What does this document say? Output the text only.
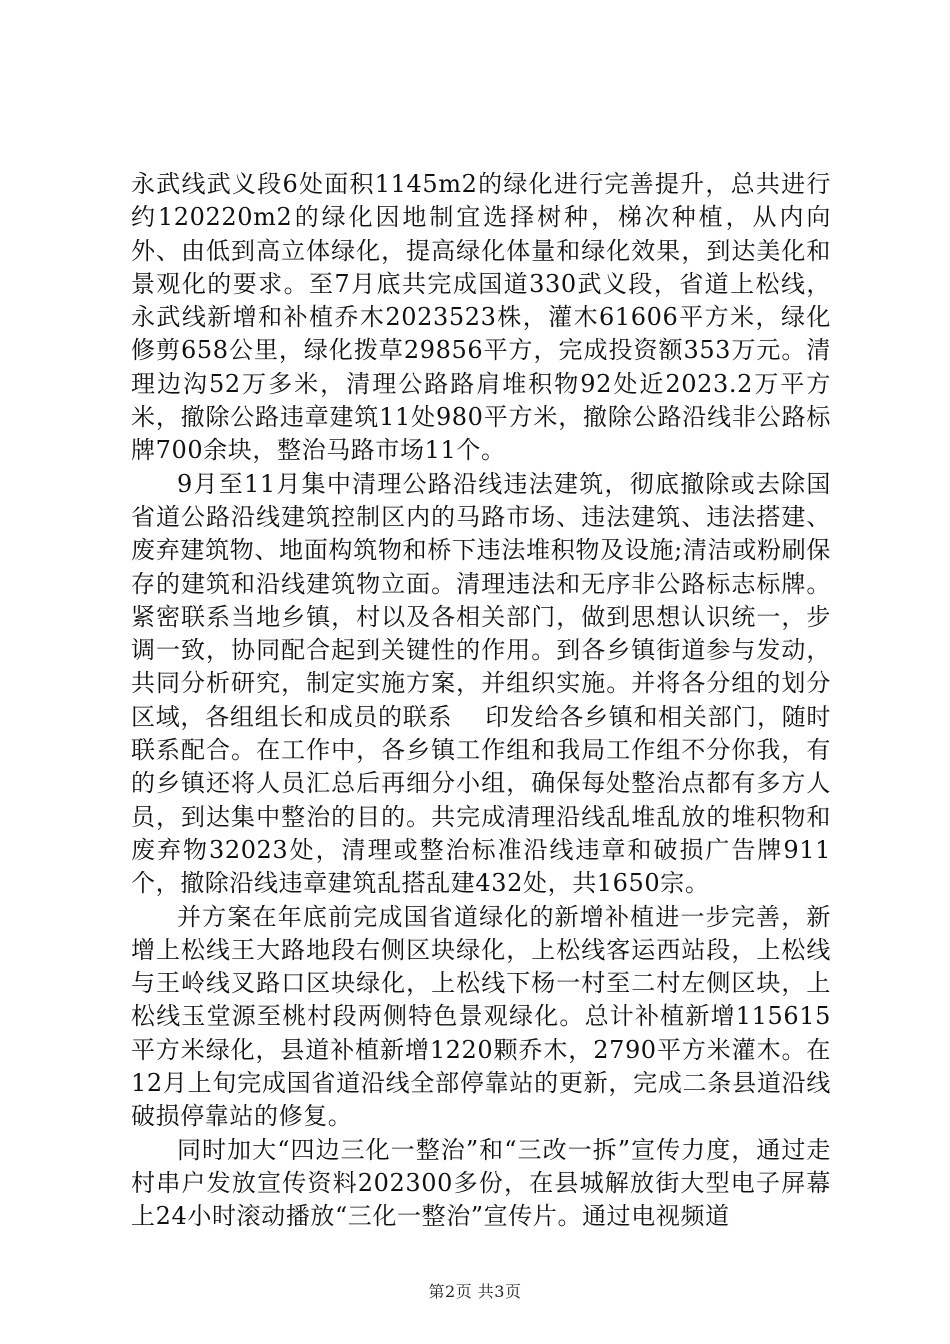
永武线武义段6处面积1145m2的绿化进行完善提升，总共进行约120220m2的绿化因地制宜选择树种，梯次种植，从内向外、由低到高立体绿化，提高绿化体量和绿化效果，到达美化和景观化的要求。至7月底共完成国道330武义段，省道上松线，永武线新增和补植乔木2023523株，灌木61606平方米，绿化修剪658公里，绿化拨草29856平方，完成投资额353万元。清理边沟52万多米，清理公路路肩堆积物92处近2023.2万平方米，撤除公路违章建筑11处980平方米，撤除公路沿线非公路标牌700余块，整治马路市场11个。

9月至11月集中清理公路沿线违法建筑，彻底撤除或去除国省道公路沿线建筑控制区内的马路市场、违法建筑、违法搭建、废弃建筑物、地面构筑物和桥下违法堆积物及设施;清洁或粉刷保存的建筑和沿线建筑物立面。清理违法和无序非公路标志标牌。紧密联系当地乡镇，村以及各相关部门，做到思想认识统一，步调一致，协同配合起到关键性的作用。到各乡镇街道参与发动，共同分析研究，制定实施方案，并组织实施。并将各分组的划分区域，各组组长和成员的联系　 印发给各乡镇和相关部门，随时联系配合。在工作中，各乡镇工作组和我局工作组不分你我，有的乡镇还将人员汇总后再细分小组，确保每处整治点都有多方人员，到达集中整治的目的。共完成清理沿线乱堆乱放的堆积物和废弃物32023处，清理或整治标准沿线违章和破损广告牌911个，撤除沿线违章建筑乱搭乱建432处，共1650宗。

并方案在年底前完成国省道绿化的新增补植进一步完善，新增上松线王大路地段右侧区块绿化，上松线客运西站段，上松线与王岭线叉路口区块绿化，上松线下杨一村至二村左侧区块，上松线玉堂源至桃村段两侧特色景观绿化。总计补植新增115615平方米绿化，县道补植新增1220颗乔木，2790平方米灌木。在12月上旬完成国省道沿线全部停靠站的更新，完成二条县道沿线破损停靠站的修复。

同时加大“四边三化一整治”和“三改一拆”宣传力度，通过走村串户发放宣传资料202300多份，在县城解放街大型电子屏幕上24小时滚动播放“三化一整治”宣传片。通过电视频道

第2页 共3页
